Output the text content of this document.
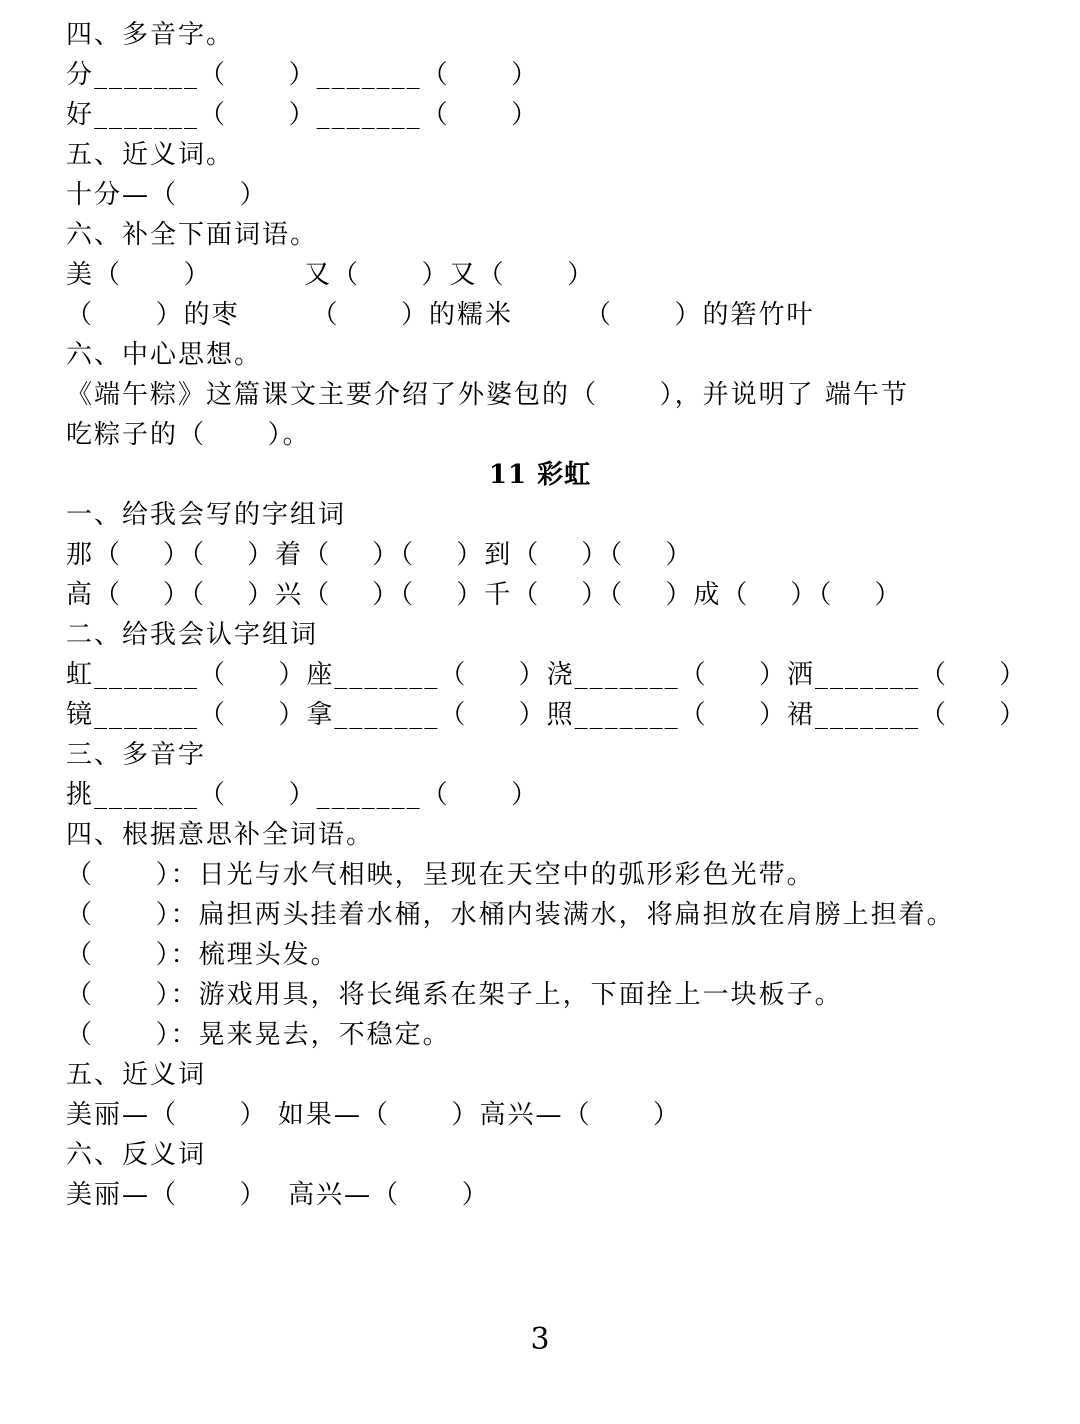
四、多音字。
分_______（      ）_______（      ）
好_______（      ）_______（      ）
五、近义词。
十分—（      ）
六、补全下面词语。
美（      ）         又（      ）又（      ）
（      ）的枣       （      ）的糯米       （      ）的箬竹叶
六、中心思想。
《端午粽》这篇课文主要介绍了外婆包的（      ），并说明了 端午节
吃粽子的（      ）。
11 彩虹
一、给我会写的字组词
那（    ）（    ）着（    ）（    ）到（    ）（    ）
高（    ）（    ）兴（    ）（    ）千（    ）（    ）成（    ）（    ）
二、给我会认字组词
虹_______（     ）座_______（     ）浇_______（     ）洒_______（     ）
镜_______（     ）拿_______（     ）照_______（     ）裙_______（     ）
三、多音字
挑_______（      ）_______（      ）
四、根据意思补全词语。
（      ）：日光与水气相映，呈现在天空中的弧形彩色光带。
（      ）：扁担两头挂着水桶，水桶内装满水，将扁担放在肩膀上担着。
（      ）：梳理头发。
（      ）：游戏用具，将长绳系在架子上，下面拴上一块板子。
（      ）：晃来晃去，不稳定。
五、近义词
美丽—（      ） 如果—（      ）高兴—（      ）
六、反义词
美丽—（      ）  高兴—（      ）
3
